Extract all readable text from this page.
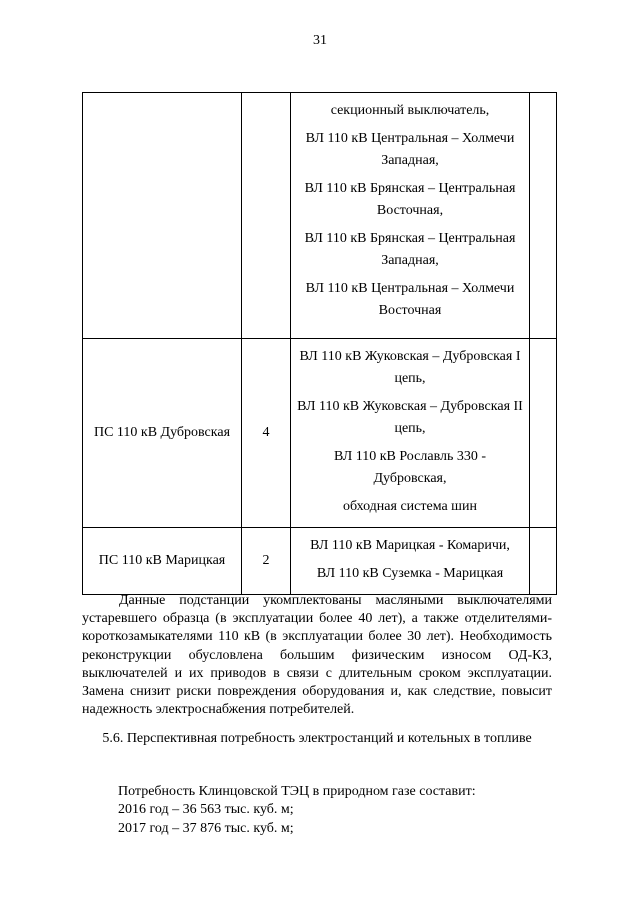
31

		секционный выключатель,
ВЛ 110 кВ Центральная – Холмечи Западная,
ВЛ 110 кВ Брянская – Центральная Восточная,
ВЛ 110 кВ Брянская – Центральная Западная,
ВЛ 110 кВ Центральная – Холмечи Восточная	

ПС 110 кВ Дубровская	4	ВЛ 110 кВ Жуковская – Дубровская I цепь,
ВЛ 110 кВ Жуковская – Дубровская II цепь,
ВЛ 110 кВ Рославль 330 - Дубровская,
обходная система шин	

ПС 110 кВ Марицкая	2	ВЛ 110 кВ Марицкая - Комаричи,
ВЛ 110 кВ Суземка - Марицкая	

Данные подстанции укомплектованы масляными выключателями устаревшего образца (в эксплуатации более 40 лет), а также отделителями-короткозамыкателями 110 кВ (в эксплуатации более 30 лет). Необходимость реконструкции обусловлена большим физическим износом ОД-КЗ, выключателей и их приводов в связи с длительным сроком эксплуатации. Замена снизит риски повреждения оборудования и, как следствие, повысит надежность электроснабжения потребителей.
5.6. Перспективная потребность электростанций и котельных в топливе
Потребность Клинцовской ТЭЦ в природном газе составит:
2016 год – 36 563 тыс. куб. м;
2017 год – 37 876 тыс. куб. м;
